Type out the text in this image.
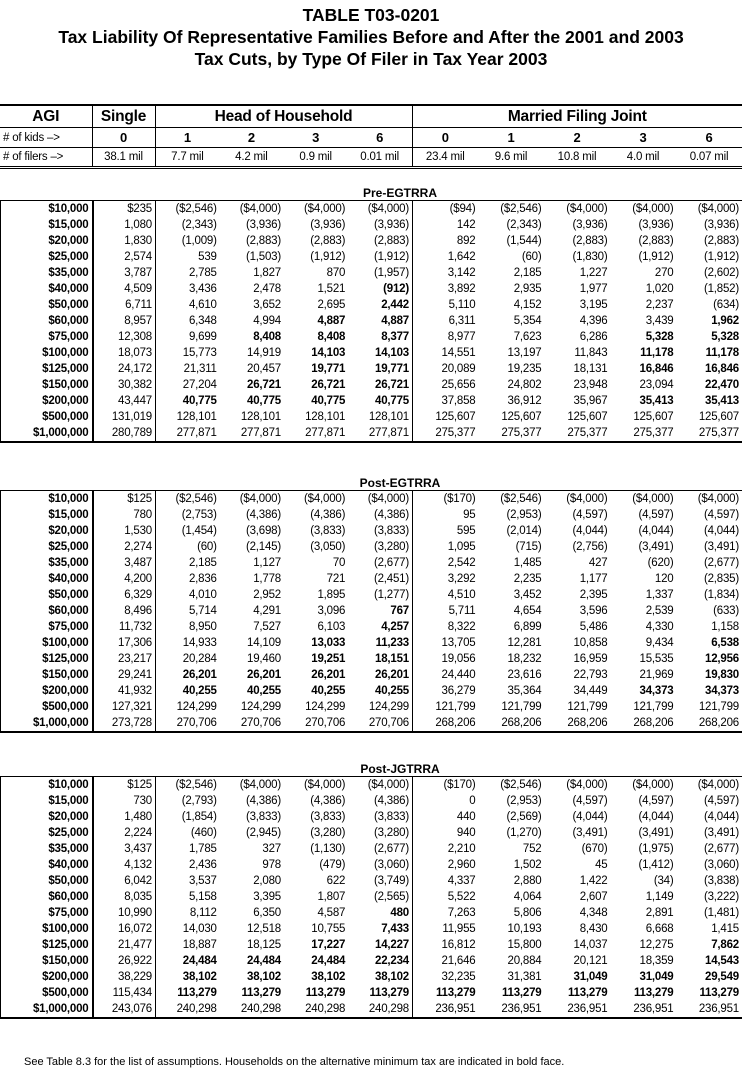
TABLE T03-0201
Tax Liability Of Representative Families Before and After the 2001 and 2003
Tax Cuts, by Type Of Filer in Tax Year 2003
AGI	Single	Head of Household				Married Filing Joint				
# of kids –>	0	1	2	3	6	0	1	2	3	6
# of filers –>	38.1 mil	7.7 mil	4.2 mil	0.9 mil	0.01 mil	23.4 mil	9.6 mil	10.8 mil	4.0 mil	0.07 mil
Pre-EGTRRA
$10,000	$235	($2,546)	($4,000)	($4,000)	($4,000)	($94)	($2,546)	($4,000)	($4,000)	($4,000)
$15,000	1,080	(2,343)	(3,936)	(3,936)	(3,936)	142	(2,343)	(3,936)	(3,936)	(3,936)
$20,000	1,830	(1,009)	(2,883)	(2,883)	(2,883)	892	(1,544)	(2,883)	(2,883)	(2,883)
$25,000	2,574	539	(1,503)	(1,912)	(1,912)	1,642	(60)	(1,830)	(1,912)	(1,912)
$35,000	3,787	2,785	1,827	870	(1,957)	3,142	2,185	1,227	270	(2,602)
$40,000	4,509	3,436	2,478	1,521	(912)	3,892	2,935	1,977	1,020	(1,852)
$50,000	6,711	4,610	3,652	2,695	2,442	5,110	4,152	3,195	2,237	(634)
$60,000	8,957	6,348	4,994	4,887	4,887	6,311	5,354	4,396	3,439	1,962
$75,000	12,308	9,699	8,408	8,408	8,377	8,977	7,623	6,286	5,328	5,328
$100,000	18,073	15,773	14,919	14,103	14,103	14,551	13,197	11,843	11,178	11,178
$125,000	24,172	21,311	20,457	19,771	19,771	20,089	19,235	18,131	16,846	16,846
$150,000	30,382	27,204	26,721	26,721	26,721	25,656	24,802	23,948	23,094	22,470
$200,000	43,447	40,775	40,775	40,775	40,775	37,858	36,912	35,967	35,413	35,413
$500,000	131,019	128,101	128,101	128,101	128,101	125,607	125,607	125,607	125,607	125,607
$1,000,000	280,789	277,871	277,871	277,871	277,871	275,377	275,377	275,377	275,377	275,377
Post-EGTRRA
$10,000	$125	($2,546)	($4,000)	($4,000)	($4,000)	($170)	($2,546)	($4,000)	($4,000)	($4,000)
$15,000	780	(2,753)	(4,386)	(4,386)	(4,386)	95	(2,953)	(4,597)	(4,597)	(4,597)
$20,000	1,530	(1,454)	(3,698)	(3,833)	(3,833)	595	(2,014)	(4,044)	(4,044)	(4,044)
$25,000	2,274	(60)	(2,145)	(3,050)	(3,280)	1,095	(715)	(2,756)	(3,491)	(3,491)
$35,000	3,487	2,185	1,127	70	(2,677)	2,542	1,485	427	(620)	(2,677)
$40,000	4,200	2,836	1,778	721	(2,451)	3,292	2,235	1,177	120	(2,835)
$50,000	6,329	4,010	2,952	1,895	(1,277)	4,510	3,452	2,395	1,337	(1,834)
$60,000	8,496	5,714	4,291	3,096	767	5,711	4,654	3,596	2,539	(633)
$75,000	11,732	8,950	7,527	6,103	4,257	8,322	6,899	5,486	4,330	1,158
$100,000	17,306	14,933	14,109	13,033	11,233	13,705	12,281	10,858	9,434	6,538
$125,000	23,217	20,284	19,460	19,251	18,151	19,056	18,232	16,959	15,535	12,956
$150,000	29,241	26,201	26,201	26,201	26,201	24,440	23,616	22,793	21,969	19,830
$200,000	41,932	40,255	40,255	40,255	40,255	36,279	35,364	34,449	34,373	34,373
$500,000	127,321	124,299	124,299	124,299	124,299	121,799	121,799	121,799	121,799	121,799
$1,000,000	273,728	270,706	270,706	270,706	270,706	268,206	268,206	268,206	268,206	268,206
Post-JGTRRA
$10,000	$125	($2,546)	($4,000)	($4,000)	($4,000)	($170)	($2,546)	($4,000)	($4,000)	($4,000)
$15,000	730	(2,793)	(4,386)	(4,386)	(4,386)	0	(2,953)	(4,597)	(4,597)	(4,597)
$20,000	1,480	(1,854)	(3,833)	(3,833)	(3,833)	440	(2,569)	(4,044)	(4,044)	(4,044)
$25,000	2,224	(460)	(2,945)	(3,280)	(3,280)	940	(1,270)	(3,491)	(3,491)	(3,491)
$35,000	3,437	1,785	327	(1,130)	(2,677)	2,210	752	(670)	(1,975)	(2,677)
$40,000	4,132	2,436	978	(479)	(3,060)	2,960	1,502	45	(1,412)	(3,060)
$50,000	6,042	3,537	2,080	622	(3,749)	4,337	2,880	1,422	(34)	(3,838)
$60,000	8,035	5,158	3,395	1,807	(2,565)	5,522	4,064	2,607	1,149	(3,222)
$75,000	10,990	8,112	6,350	4,587	480	7,263	5,806	4,348	2,891	(1,481)
$100,000	16,072	14,030	12,518	10,755	7,433	11,955	10,193	8,430	6,668	1,415
$125,000	21,477	18,887	18,125	17,227	14,227	16,812	15,800	14,037	12,275	7,862
$150,000	26,922	24,484	24,484	24,484	22,234	21,646	20,884	20,121	18,359	14,543
$200,000	38,229	38,102	38,102	38,102	38,102	32,235	31,381	31,049	31,049	29,549
$500,000	115,434	113,279	113,279	113,279	113,279	113,279	113,279	113,279	113,279	113,279
$1,000,000	243,076	240,298	240,298	240,298	240,298	236,951	236,951	236,951	236,951	236,951
See Table 8.3 for the list of assumptions. Households on the alternative minimum tax are indicated in bold face.
